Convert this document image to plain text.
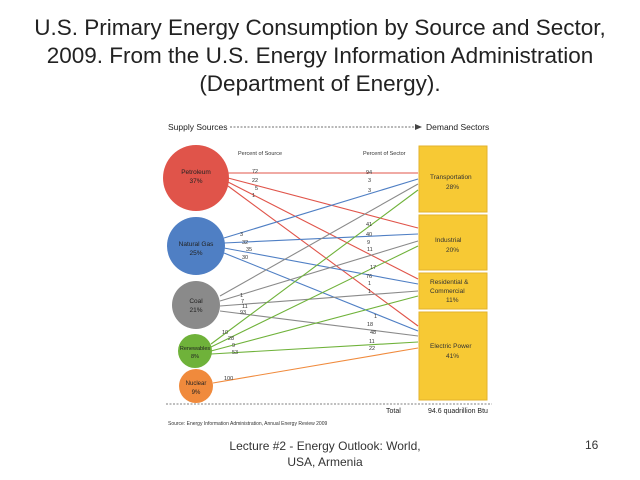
U.S. Primary Energy Consumption by Source and Sector, 2009. From the U.S. Energy Information Administration (Department of Energy).
Supply Sources	Demand Sectors
Percent of Source	Percent of Sector
Transportation
28%
Industrial
20%
Residential & Commercial
11%
Electric Power
41%
Petroleum
37%
Natural Gas
25%
Coal
21%
Renewables
8%
Nuclear
9%
72
22
5
1
3
32
35
30
1
7
11
93
10
28
9
53
100
94
3
3
41
40
9
11
17
76
1
1
1
18
48
11
22
Total	94.6 quadrillion Btu
Source: Energy Information Administration, Annual Energy Review 2009
Lecture #2 - Energy Outlook: World, USA, Armenia
16
